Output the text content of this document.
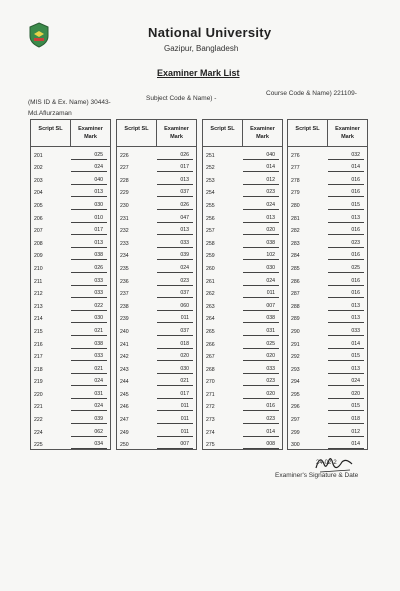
National University
Gazipur, Bangladesh
Examiner Mark List
(MIS ID & Ex. Name) 30443-
Md.Aflurzaman
Subject Code & Name) -
Course Code & Name) 221109-
Script SL	Examiner Mark
201	025
202	024
203	040
204	013
205	030
206	010
207	017
208	013
209	038
210	026
211	033
212	033
213	022
214	030
215	021
216	038
217	033
218	021
219	024
220	031
221	024
222	039
224	062
225	034
Script SL	Examiner Mark
226	026
227	017
228	013
229	037
230	026
231	047
232	013
233	033
234	039
235	024
236	023
237	037
238	060
239	011
240	037
241	018
242	020
243	030
244	021
245	017
246	011
247	011
249	011
250	007
Script SL	Examiner Mark
251	040
252	014
253	012
254	023
255	024
256	013
257	020
258	038
259	102
260	030
261	024
262	011
263	007
264	038
265	031
266	025
267	020
268	033
270	023
271	020
272	016
273	023
274	014
275	008
Script SL	Examiner Mark
276	032
277	014
278	016
279	016
280	015
281	013
282	016
283	023
284	016
285	025
286	016
287	016
288	013
289	013
290	033
291	014
292	015
293	013
294	024
295	020
296	015
297	018
299	012
300	014
24-02-2
Examiner's Signature & Date
